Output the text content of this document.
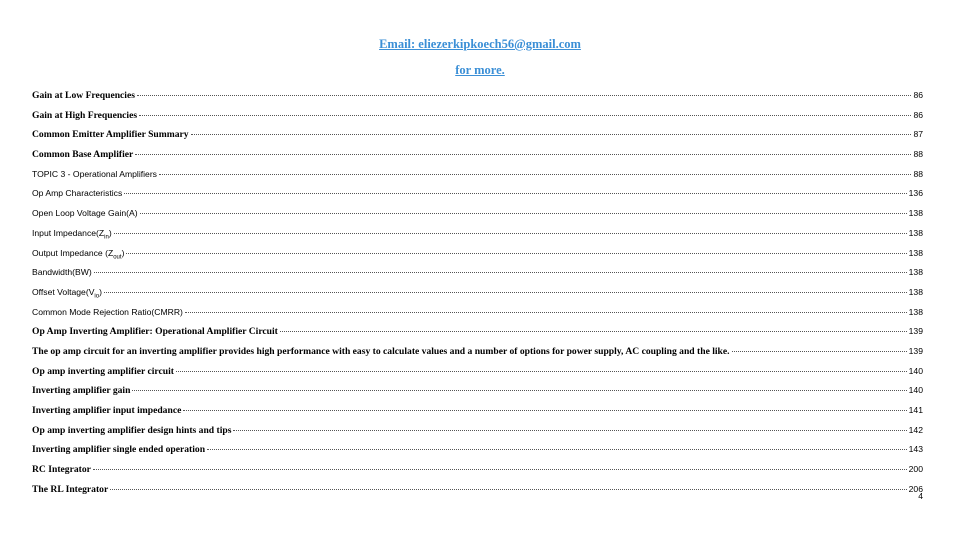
Email: eliezerkipkoech56@gmail.com
for more.
Gain at Low Frequencies	86
Gain at High Frequencies	86
Common Emitter Amplifier Summary	87
Common Base Amplifier	88
TOPIC 3 - Operational Amplifiers	88
Op Amp Characteristics	136
Open Loop Voltage Gain(A)	138
Input $Impedance(Z_{in})$	138
Output Impedance $(Z_{out})$	138
Bandwidth(BW)	138
Offset $Voltage(V_{io})$	138
Common Mode Rejection Ratio(CMRR)	138
Op Amp Inverting Amplifier: Operational Amplifier Circuit	139
The op amp circuit for an inverting amplifier provides high performance with easy to calculate values and a number of options for power supply, AC coupling and the like.	139
Op amp inverting amplifier circuit	140
Inverting amplifier gain	140
Inverting amplifier input impedance	141
Op amp inverting amplifier design hints and tips	142
Inverting amplifier single ended operation	143
RC Integrator	200
The RL Integrator	206
4
